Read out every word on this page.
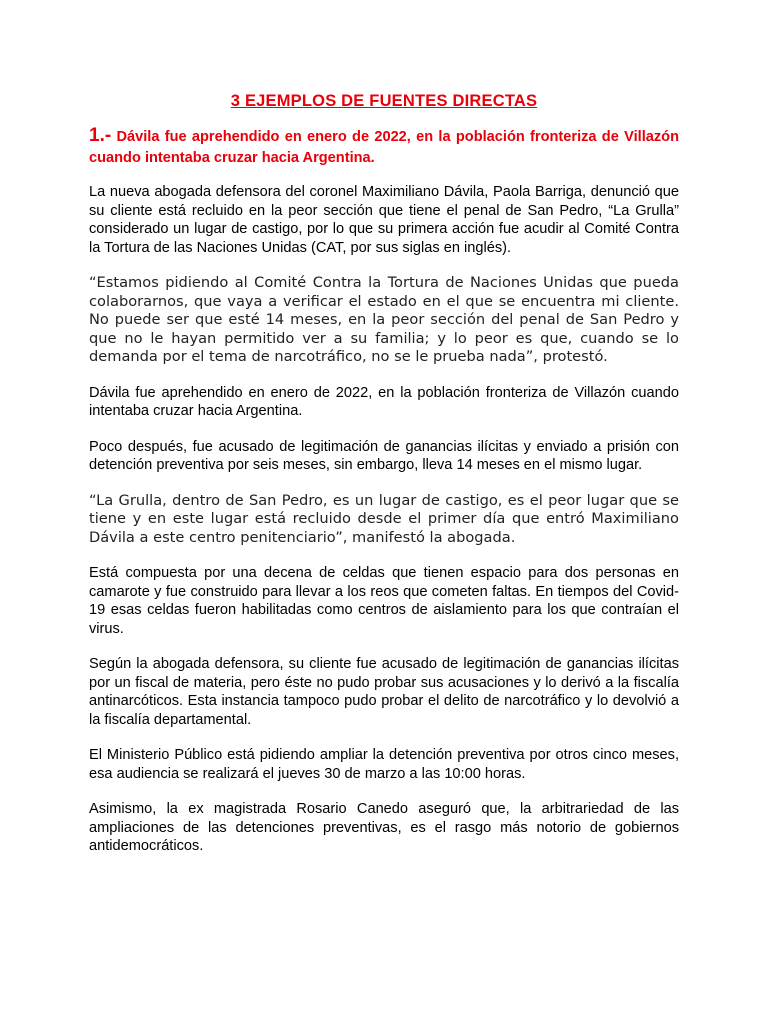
3 EJEMPLOS DE FUENTES DIRECTAS
1.- Dávila fue aprehendido en enero de 2022, en la población fronteriza de Villazón cuando intentaba cruzar hacia Argentina.

La nueva abogada defensora del coronel Maximiliano Dávila, Paola Barriga, denunció que su cliente está recluido en la peor sección que tiene el penal de San Pedro, “La Grulla” considerado un lugar de castigo, por lo que su primera acción fue acudir al Comité Contra la Tortura de las Naciones Unidas (CAT, por sus siglas en inglés).

“Estamos pidiendo al Comité Contra la Tortura de Naciones Unidas que pueda colaborarnos, que vaya a verificar el estado en el que se encuentra mi cliente. No puede ser que esté 14 meses, en la peor sección del penal de San Pedro y que no le hayan permitido ver a su familia; y lo peor es que, cuando se lo demanda por el tema de narcotráfico, no se le prueba nada”, protestó.

Dávila fue aprehendido en enero de 2022, en la población fronteriza de Villazón cuando intentaba cruzar hacia Argentina.

Poco después, fue acusado de legitimación de ganancias ilícitas y enviado a prisión con detención preventiva por seis meses, sin embargo, lleva 14 meses en el mismo lugar.

“La Grulla, dentro de San Pedro, es un lugar de castigo, es el peor lugar que se tiene y en este lugar está recluido desde el primer día que entró Maximiliano Dávila a este centro penitenciario”, manifestó la abogada.

Está compuesta por una decena de celdas que tienen espacio para dos personas en camarote y fue construido para llevar a los reos que cometen faltas. En tiempos del Covid-19 esas celdas fueron habilitadas como centros de aislamiento para los que contraían el virus.

Según la abogada defensora, su cliente fue acusado de legitimación de ganancias ilícitas por un fiscal de materia, pero éste no pudo probar sus acusaciones y lo derivó a la fiscalía antinarcóticos. Esta instancia tampoco pudo probar el delito de narcotráfico y lo devolvió a la fiscalía departamental.

El Ministerio Público está pidiendo ampliar la detención preventiva por otros cinco meses, esa audiencia se realizará el jueves 30 de marzo a las 10:00 horas.

Asimismo, la ex magistrada Rosario Canedo aseguró que, la arbitrariedad de las ampliaciones de las detenciones preventivas, es el rasgo más notorio de gobiernos antidemocráticos.
